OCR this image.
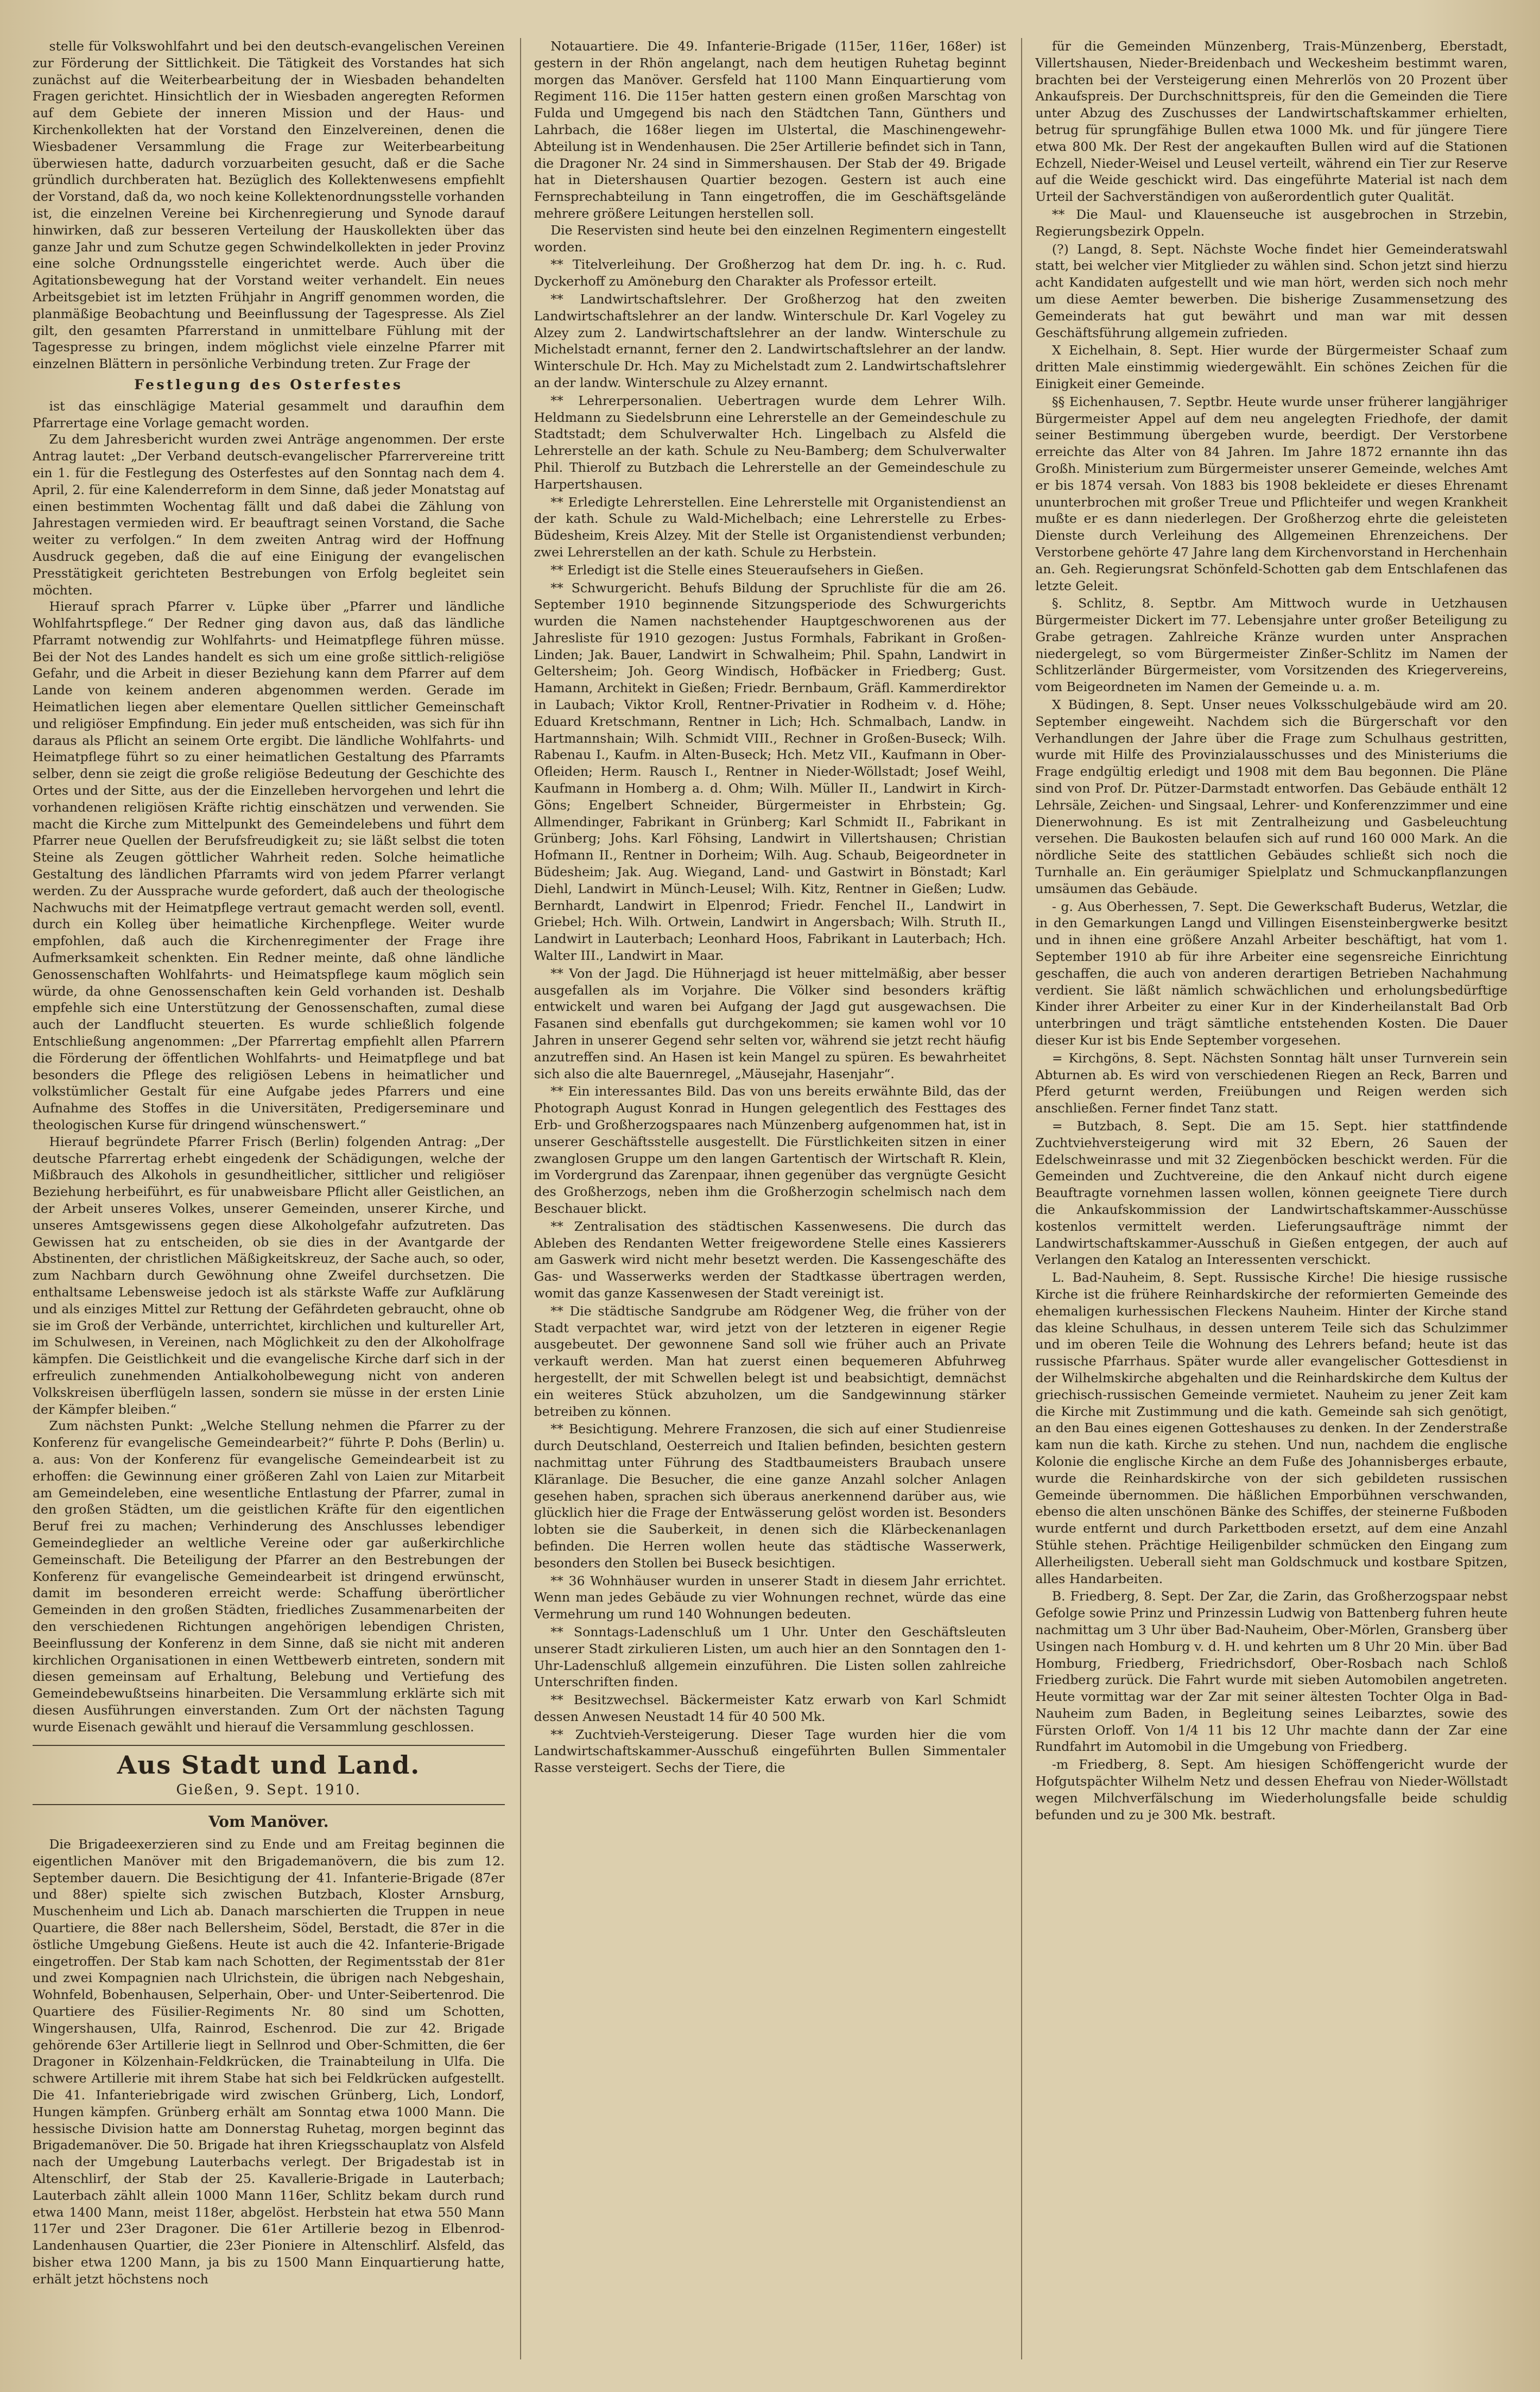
stelle für Volkswohlfahrt und bei den deutsch-evangelischen Vereinen zur Förderung der Sittlichkeit. Die Tätigkeit des Vorstandes hat sich zunächst auf die Weiterbearbeitung der in Wiesbaden behandelten Fragen gerichtet. Hinsichtlich der in Wiesbaden angeregten Reformen auf dem Gebiete der inneren Mission und der Haus- und Kirchenkollekten hat der Vorstand den Einzelvereinen, denen die Wiesbadener Versammlung die Frage zur Weiterbearbeitung überwiesen hatte, dadurch vorzuarbeiten gesucht, daß er die Sache gründlich durchberaten hat. Bezüglich des Kollektenwesens empfiehlt der Vorstand, daß da, wo noch keine Kollektenordnungsstelle vorhanden ist, die einzelnen Vereine bei Kirchenregierung und Synode darauf hinwirken, daß zur besseren Verteilung der Hauskollekten über das ganze Jahr und zum Schutze gegen Schwindelkollekten in jeder Provinz eine solche Ordnungsstelle eingerichtet werde. Auch über die Agitationsbewegung hat der Vorstand weiter verhandelt. Ein neues Arbeitsgebiet ist im letzten Frühjahr in Angriff genommen worden, die planmäßige Beobachtung und Beeinflussung der Tagespresse. Als Ziel gilt, den gesamten Pfarrerstand in unmittelbare Fühlung mit der Tagespresse zu bringen, indem möglichst viele einzelne Pfarrer mit einzelnen Blättern in persönliche Verbindung treten. Zur Frage der

Festlegung des Osterfestes

ist das einschlägige Material gesammelt und daraufhin dem Pfarrertage eine Vorlage gemacht worden.

Zu dem Jahresbericht wurden zwei Anträge angenommen. Der erste Antrag lautet: „Der Verband deutsch-evangelischer Pfarrervereine tritt ein 1. für die Festlegung des Osterfestes auf den Sonntag nach dem 4. April, 2. für eine Kalenderreform in dem Sinne, daß jeder Monatstag auf einen bestimmten Wochentag fällt und daß dabei die Zählung von Jahrestagen vermieden wird. Er beauftragt seinen Vorstand, die Sache weiter zu verfolgen.“ In dem zweiten Antrag wird der Hoffnung Ausdruck gegeben, daß die auf eine Einigung der evangelischen Presstätigkeit gerichteten Bestrebungen von Erfolg begleitet sein möchten.

Hierauf sprach Pfarrer v. Lüpke über „Pfarrer und ländliche Wohlfahrtspflege.“ Der Redner ging davon aus, daß das ländliche Pfarramt notwendig zur Wohlfahrts- und Heimatpflege führen müsse. Bei der Not des Landes handelt es sich um eine große sittlich-religiöse Gefahr, und die Arbeit in dieser Beziehung kann dem Pfarrer auf dem Lande von keinem anderen abgenommen werden. Gerade im Heimatlichen liegen aber elementare Quellen sittlicher Gemeinschaft und religiöser Empfindung. Ein jeder muß entscheiden, was sich für ihn daraus als Pflicht an seinem Orte ergibt. Die ländliche Wohlfahrts- und Heimatpflege führt so zu einer heimatlichen Gestaltung des Pfarramts selber, denn sie zeigt die große religiöse Bedeutung der Geschichte des Ortes und der Sitte, aus der die Einzelleben hervorgehen und lehrt die vorhandenen religiösen Kräfte richtig einschätzen und verwenden. Sie macht die Kirche zum Mittelpunkt des Gemeindelebens und führt dem Pfarrer neue Quellen der Berufsfreudigkeit zu; sie läßt selbst die toten Steine als Zeugen göttlicher Wahrheit reden. Solche heimatliche Gestaltung des ländlichen Pfarramts wird von jedem Pfarrer verlangt werden. Zu der Aussprache wurde gefordert, daß auch der theologische Nachwuchs mit der Heimatpflege vertraut gemacht werden soll, eventl. durch ein Kolleg über heimatliche Kirchenpflege. Weiter wurde empfohlen, daß auch die Kirchenregimenter der Frage ihre Aufmerksamkeit schenkten. Ein Redner meinte, daß ohne ländliche Genossenschaften Wohlfahrts- und Heimatspflege kaum möglich sein würde, da ohne Genossenschaften kein Geld vorhanden ist. Deshalb empfehle sich eine Unterstützung der Genossenschaften, zumal diese auch der Landflucht steuerten. Es wurde schließlich folgende Entschließung angenommen: „Der Pfarrertag empfiehlt allen Pfarrern die Förderung der öffentlichen Wohlfahrts- und Heimatpflege und bat besonders die Pflege des religiösen Lebens in heimatlicher und volkstümlicher Gestalt für eine Aufgabe jedes Pfarrers und eine Aufnahme des Stoffes in die Universitäten, Predigerseminare und theologischen Kurse für dringend wünschenswert.“

Hierauf begründete Pfarrer Frisch (Berlin) folgenden Antrag: „Der deutsche Pfarrertag erhebt eingedenk der Schädigungen, welche der Mißbrauch des Alkohols in gesundheitlicher, sittlicher und religiöser Beziehung herbeiführt, es für unabweisbare Pflicht aller Geistlichen, an der Arbeit unseres Volkes, unserer Gemeinden, unserer Kirche, und unseres Amtsgewissens gegen diese Alkoholgefahr aufzutreten. Das Gewissen hat zu entscheiden, ob sie dies in der Avantgarde der Abstinenten, der christlichen Mäßigkeitskreuz, der Sache auch, so oder, zum Nachbarn durch Gewöhnung ohne Zweifel durchsetzen. Die enthaltsame Lebensweise jedoch ist als stärkste Waffe zur Aufklärung und als einziges Mittel zur Rettung der Gefährdeten gebraucht, ohne ob sie im Groß der Verbände, unterrichtet, kirchlichen und kultureller Art, im Schulwesen, in Vereinen, nach Möglichkeit zu den der Alkoholfrage kämpfen. Die Geistlichkeit und die evangelische Kirche darf sich in der erfreulich zunehmenden Antialkoholbewegung nicht von anderen Volkskreisen überflügeln lassen, sondern sie müsse in der ersten Linie der Kämpfer bleiben.“

Zum nächsten Punkt: „Welche Stellung nehmen die Pfarrer zu der Konferenz für evangelische Gemeindearbeit?“ führte P. Dohs (Berlin) u. a. aus: Von der Konferenz für evangelische Gemeindearbeit ist zu erhoffen: die Gewinnung einer größeren Zahl von Laien zur Mitarbeit am Gemeindeleben, eine wesentliche Entlastung der Pfarrer, zumal in den großen Städten, um die geistlichen Kräfte für den eigentlichen Beruf frei zu machen; Verhinderung des Anschlusses lebendiger Gemeindeglieder an weltliche Vereine oder gar außerkirchliche Gemeinschaft. Die Beteiligung der Pfarrer an den Bestrebungen der Konferenz für evangelische Gemeindearbeit ist dringend erwünscht, damit im besonderen erreicht werde: Schaffung überörtlicher Gemeinden in den großen Städten, friedliches Zusammenarbeiten der den verschiedenen Richtungen angehörigen lebendigen Christen, Beeinflussung der Konferenz in dem Sinne, daß sie nicht mit anderen kirchlichen Organisationen in einen Wettbewerb eintreten, sondern mit diesen gemeinsam auf Erhaltung, Belebung und Vertiefung des Gemeindebewußtseins hinarbeiten. Die Versammlung erklärte sich mit diesen Ausführungen einverstanden. Zum Ort der nächsten Tagung wurde Eisenach gewählt und hierauf die Versammlung geschlossen.

Aus Stadt und Land.

Gießen, 9. Sept. 1910.

Vom Manöver.

Die Brigadeexerzieren sind zu Ende und am Freitag beginnen die eigentlichen Manöver mit den Brigademanövern, die bis zum 12. September dauern. Die Besichtigung der 41. Infanterie-Brigade (87er und 88er) spielte sich zwischen Butzbach, Kloster Arnsburg, Muschenheim und Lich ab. Danach marschierten die Truppen in neue Quartiere, die 88er nach Bellersheim, Södel, Berstadt, die 87er in die östliche Umgebung Gießens. Heute ist auch die 42. Infanterie-Brigade eingetroffen. Der Stab kam nach Schotten, der Regimentsstab der 81er und zwei Kompagnien nach Ulrichstein, die übrigen nach Nebgeshain, Wohnfeld, Bobenhausen, Selperhain, Ober- und Unter-Seibertenrod. Die Quartiere des Füsilier-Regiments Nr. 80 sind um Schotten, Wingershausen, Ulfa, Rainrod, Eschenrod. Die zur 42. Brigade gehörende 63er Artillerie liegt in Sellnrod und Ober-Schmitten, die 6er Dragoner in Kölzenhain-Feldkrücken, die Trainabteilung in Ulfa. Die schwere Artillerie mit ihrem Stabe hat sich bei Feldkrücken aufgestellt. Die 41. Infanteriebrigade wird zwischen Grünberg, Lich, Londorf, Hungen kämpfen. Grünberg erhält am Sonntag etwa 1000 Mann. Die hessische Division hatte am Donnerstag Ruhetag, morgen beginnt das Brigademanöver. Die 50. Brigade hat ihren Kriegsschauplatz von Alsfeld nach der Umgebung Lauterbachs verlegt. Der Brigadestab ist in Altenschlirf, der Stab der 25. Kavallerie-Brigade in Lauterbach; Lauterbach zählt allein 1000 Mann 116er, Schlitz bekam durch rund etwa 1400 Mann, meist 118er, abgelöst. Herbstein hat etwa 550 Mann 117er und 23er Dragoner. Die 61er Artillerie bezog in Elbenrod-Landenhausen Quartier, die 23er Pioniere in Altenschlirf. Alsfeld, das bisher etwa 1200 Mann, ja bis zu 1500 Mann Einquartierung hatte, erhält jetzt höchstens noch

Notauartiere. Die 49. Infanterie-Brigade (115er, 116er, 168er) ist gestern in der Rhön angelangt, nach dem heutigen Ruhetag beginnt morgen das Manöver. Gersfeld hat 1100 Mann Einquartierung vom Regiment 116. Die 115er hatten gestern einen großen Marschtag von Fulda und Umgegend bis nach den Städtchen Tann, Günthers und Lahrbach, die 168er liegen im Ulstertal, die Maschinengewehr-Abteilung ist in Wendenhausen. Die 25er Artillerie befindet sich in Tann, die Dragoner Nr. 24 sind in Simmershausen. Der Stab der 49. Brigade hat in Dietershausen Quartier bezogen. Gestern ist auch eine Fernsprechabteilung in Tann eingetroffen, die im Geschäftsgelände mehrere größere Leitungen herstellen soll.

Die Reservisten sind heute bei den einzelnen Regimentern eingestellt worden.

** Titelverleihung. Der Großherzog hat dem Dr. ing. h. c. Rud. Dyckerhoff zu Amöneburg den Charakter als Professor erteilt.

** Landwirtschaftslehrer. Der Großherzog hat den zweiten Landwirtschaftslehrer an der landw. Winterschule Dr. Karl Vogeley zu Alzey zum 2. Landwirtschaftslehrer an der landw. Winterschule zu Michelstadt ernannt, ferner den 2. Landwirtschaftslehrer an der landw. Winterschule Dr. Hch. May zu Michelstadt zum 2. Landwirtschaftslehrer an der landw. Winterschule zu Alzey ernannt.

** Lehrerpersonalien. Uebertragen wurde dem Lehrer Wilh. Heldmann zu Siedelsbrunn eine Lehrerstelle an der Gemeindeschule zu Stadtstadt; dem Schulverwalter Hch. Lingelbach zu Alsfeld die Lehrerstelle an der kath. Schule zu Neu-Bamberg; dem Schulverwalter Phil. Thierolf zu Butzbach die Lehrerstelle an der Gemeindeschule zu Harpertshausen.

** Erledigte Lehrerstellen. Eine Lehrerstelle mit Organistendienst an der kath. Schule zu Wald-Michelbach; eine Lehrerstelle zu Erbes-Büdesheim, Kreis Alzey. Mit der Stelle ist Organistendienst verbunden; zwei Lehrerstellen an der kath. Schule zu Herbstein.

** Erledigt ist die Stelle eines Steueraufsehers in Gießen.

** Schwurgericht. Behufs Bildung der Spruchliste für die am 26. September 1910 beginnende Sitzungsperiode des Schwurgerichts wurden die Namen nachstehender Hauptgeschworenen aus der Jahresliste für 1910 gezogen: Justus Formhals, Fabrikant in Großen-Linden; Jak. Bauer, Landwirt in Schwalheim; Phil. Spahn, Landwirt in Geltersheim; Joh. Georg Windisch, Hofbäcker in Friedberg; Gust. Hamann, Architekt in Gießen; Friedr. Bernbaum, Gräfl. Kammerdirektor in Laubach; Viktor Kroll, Rentner-Privatier in Rodheim v. d. Höhe; Eduard Kretschmann, Rentner in Lich; Hch. Schmalbach, Landw. in Hartmannshain; Wilh. Schmidt VIII., Rechner in Großen-Buseck; Wilh. Rabenau I., Kaufm. in Alten-Buseck; Hch. Metz VII., Kaufmann in Ober-Ofleiden; Herm. Rausch I., Rentner in Nieder-Wöllstadt; Josef Weihl, Kaufmann in Homberg a. d. Ohm; Wilh. Müller II., Landwirt in Kirch-Göns; Engelbert Schneider, Bürgermeister in Ehrbstein; Gg. Allmendinger, Fabrikant in Grünberg; Karl Schmidt II., Fabrikant in Grünberg; Johs. Karl Föhsing, Landwirt in Villertshausen; Christian Hofmann II., Rentner in Dorheim; Wilh. Aug. Schaub, Beigeordneter in Büdesheim; Jak. Aug. Wiegand, Land- und Gastwirt in Bönstadt; Karl Diehl, Landwirt in Münch-Leusel; Wilh. Kitz, Rentner in Gießen; Ludw. Bernhardt, Landwirt in Elpenrod; Friedr. Fenchel II., Landwirt in Griebel; Hch. Wilh. Ortwein, Landwirt in Angersbach; Wilh. Struth II., Landwirt in Lauterbach; Leonhard Hoos, Fabrikant in Lauterbach; Hch. Walter III., Landwirt in Maar.

** Von der Jagd. Die Hühnerjagd ist heuer mittelmäßig, aber besser ausgefallen als im Vorjahre. Die Völker sind besonders kräftig entwickelt und waren bei Aufgang der Jagd gut ausgewachsen. Die Fasanen sind ebenfalls gut durchgekommen; sie kamen wohl vor 10 Jahren in unserer Gegend sehr selten vor, während sie jetzt recht häufig anzutreffen sind. An Hasen ist kein Mangel zu spüren. Es bewahrheitet sich also die alte Bauernregel, „Mäusejahr, Hasenjahr“.

** Ein interessantes Bild. Das von uns bereits erwähnte Bild, das der Photograph August Konrad in Hungen gelegentlich des Festtages des Erb- und Großherzogspaares nach Münzenberg aufgenommen hat, ist in unserer Geschäftsstelle ausgestellt. Die Fürstlichkeiten sitzen in einer zwanglosen Gruppe um den langen Gartentisch der Wirtschaft R. Klein, im Vordergrund das Zarenpaar, ihnen gegenüber das vergnügte Gesicht des Großherzogs, neben ihm die Großherzogin schelmisch nach dem Beschauer blickt.

** Zentralisation des städtischen Kassenwesens. Die durch das Ableben des Rendanten Wetter freigewordene Stelle eines Kassierers am Gaswerk wird nicht mehr besetzt werden. Die Kassengeschäfte des Gas- und Wasserwerks werden der Stadtkasse übertragen werden, womit das ganze Kassenwesen der Stadt vereinigt ist.

** Die städtische Sandgrube am Rödgener Weg, die früher von der Stadt verpachtet war, wird jetzt von der letzteren in eigener Regie ausgebeutet. Der gewonnene Sand soll wie früher auch an Private verkauft werden. Man hat zuerst einen bequemeren Abfuhrweg hergestellt, der mit Schwellen belegt ist und beabsichtigt, demnächst ein weiteres Stück abzuholzen, um die Sandgewinnung stärker betreiben zu können.

** Besichtigung. Mehrere Franzosen, die sich auf einer Studienreise durch Deutschland, Oesterreich und Italien befinden, besichten gestern nachmittag unter Führung des Stadtbaumeisters Braubach unsere Kläranlage. Die Besucher, die eine ganze Anzahl solcher Anlagen gesehen haben, sprachen sich überaus anerkennend darüber aus, wie glücklich hier die Frage der Entwässerung gelöst worden ist. Besonders lobten sie die Sauberkeit, in denen sich die Klärbeckenanlagen befinden. Die Herren wollen heute das städtische Wasserwerk, besonders den Stollen bei Buseck besichtigen.

** 36 Wohnhäuser wurden in unserer Stadt in diesem Jahr errichtet. Wenn man jedes Gebäude zu vier Wohnungen rechnet, würde das eine Vermehrung um rund 140 Wohnungen bedeuten.

** Sonntags-Ladenschluß um 1 Uhr. Unter den Geschäftsleuten unserer Stadt zirkulieren Listen, um auch hier an den Sonntagen den 1-Uhr-Ladenschluß allgemein einzuführen. Die Listen sollen zahlreiche Unterschriften finden.

** Besitzwechsel. Bäckermeister Katz erwarb von Karl Schmidt dessen Anwesen Neustadt 14 für 40 500 Mk.

** Zuchtvieh-Versteigerung. Dieser Tage wurden hier die vom Landwirtschaftskammer-Ausschuß eingeführten Bullen Simmentaler Rasse versteigert. Sechs der Tiere, die

für die Gemeinden Münzenberg, Trais-Münzenberg, Eberstadt, Villertshausen, Nieder-Breidenbach und Weckesheim bestimmt waren, brachten bei der Versteigerung einen Mehrerlös von 20 Prozent über Ankaufspreis. Der Durchschnittspreis, für den die Gemeinden die Tiere unter Abzug des Zuschusses der Landwirtschaftskammer erhielten, betrug für sprungfähige Bullen etwa 1000 Mk. und für jüngere Tiere etwa 800 Mk. Der Rest der angekauften Bullen wird auf die Stationen Echzell, Nieder-Weisel und Leusel verteilt, während ein Tier zur Reserve auf die Weide geschickt wird. Das eingeführte Material ist nach dem Urteil der Sachverständigen von außerordentlich guter Qualität.

** Die Maul- und Klauenseuche ist ausgebrochen in Strzebin, Regierungsbezirk Oppeln.

(?) Langd, 8. Sept. Nächste Woche findet hier Gemeinderatswahl statt, bei welcher vier Mitglieder zu wählen sind. Schon jetzt sind hierzu acht Kandidaten aufgestellt und wie man hört, werden sich noch mehr um diese Aemter bewerben. Die bisherige Zusammensetzung des Gemeinderats hat gut bewährt und man war mit dessen Geschäftsführung allgemein zufrieden.

X Eichelhain, 8. Sept. Hier wurde der Bürgermeister Schaaf zum dritten Male einstimmig wiedergewählt. Ein schönes Zeichen für die Einigkeit einer Gemeinde.

§§ Eichenhausen, 7. Septbr. Heute wurde unser früherer langjähriger Bürgermeister Appel auf dem neu angelegten Friedhofe, der damit seiner Bestimmung übergeben wurde, beerdigt. Der Verstorbene erreichte das Alter von 84 Jahren. Im Jahre 1872 ernannte ihn das Großh. Ministerium zum Bürgermeister unserer Gemeinde, welches Amt er bis 1874 versah. Von 1883 bis 1908 bekleidete er dieses Ehrenamt ununterbrochen mit großer Treue und Pflichteifer und wegen Krankheit mußte er es dann niederlegen. Der Großherzog ehrte die geleisteten Dienste durch Verleihung des Allgemeinen Ehrenzeichens. Der Verstorbene gehörte 47 Jahre lang dem Kirchenvorstand in Herchenhain an. Geh. Regierungsrat Schönfeld-Schotten gab dem Entschlafenen das letzte Geleit.

§. Schlitz, 8. Septbr. Am Mittwoch wurde in Uetzhausen Bürgermeister Dickert im 77. Lebensjahre unter großer Beteiligung zu Grabe getragen. Zahlreiche Kränze wurden unter Ansprachen niedergelegt, so vom Bürgermeister Zinßer-Schlitz im Namen der Schlitzerländer Bürgermeister, vom Vorsitzenden des Kriegervereins, vom Beigeordneten im Namen der Gemeinde u. a. m.

X Büdingen, 8. Sept. Unser neues Volksschulgebäude wird am 20. September eingeweiht. Nachdem sich die Bürgerschaft vor den Verhandlungen der Jahre über die Frage zum Schulhaus gestritten, wurde mit Hilfe des Provinzialausschusses und des Ministeriums die Frage endgültig erledigt und 1908 mit dem Bau begonnen. Die Pläne sind von Prof. Dr. Pützer-Darmstadt entworfen. Das Gebäude enthält 12 Lehrsäle, Zeichen- und Singsaal, Lehrer- und Konferenzzimmer und eine Dienerwohnung. Es ist mit Zentralheizung und Gasbeleuchtung versehen. Die Baukosten belaufen sich auf rund 160 000 Mark. An die nördliche Seite des stattlichen Gebäudes schließt sich noch die Turnhalle an. Ein geräumiger Spielplatz und Schmuckanpflanzungen umsäumen das Gebäude.

- g. Aus Oberhessen, 7. Sept. Die Gewerkschaft Buderus, Wetzlar, die in den Gemarkungen Langd und Villingen Eisensteinbergwerke besitzt und in ihnen eine größere Anzahl Arbeiter beschäftigt, hat vom 1. September 1910 ab für ihre Arbeiter eine segensreiche Einrichtung geschaffen, die auch von anderen derartigen Betrieben Nachahmung verdient. Sie läßt nämlich schwächlichen und erholungsbedürftige Kinder ihrer Arbeiter zu einer Kur in der Kinderheilanstalt Bad Orb unterbringen und trägt sämtliche entstehenden Kosten. Die Dauer dieser Kur ist bis Ende September vorgesehen.

= Kirchgöns, 8. Sept. Nächsten Sonntag hält unser Turnverein sein Abturnen ab. Es wird von verschiedenen Riegen an Reck, Barren und Pferd geturnt werden, Freiübungen und Reigen werden sich anschließen. Ferner findet Tanz statt.

= Butzbach, 8. Sept. Die am 15. Sept. hier stattfindende Zuchtviehversteigerung wird mit 32 Ebern, 26 Sauen der Edelschweinrasse und mit 32 Ziegenböcken beschickt werden. Für die Gemeinden und Zuchtvereine, die den Ankauf nicht durch eigene Beauftragte vornehmen lassen wollen, können geeignete Tiere durch die Ankaufskommission der Landwirtschaftskammer-Ausschüsse kostenlos vermittelt werden. Lieferungsaufträge nimmt der Landwirtschaftskammer-Ausschuß in Gießen entgegen, der auch auf Verlangen den Katalog an Interessenten verschickt.

L. Bad-Nauheim, 8. Sept. Russische Kirche! Die hiesige russische Kirche ist die frühere Reinhardskirche der reformierten Gemeinde des ehemaligen kurhessischen Fleckens Nauheim. Hinter der Kirche stand das kleine Schulhaus, in dessen unterem Teile sich das Schulzimmer und im oberen Teile die Wohnung des Lehrers befand; heute ist das russische Pfarrhaus. Später wurde aller evangelischer Gottesdienst in der Wilhelmskirche abgehalten und die Reinhardskirche dem Kultus der griechisch-russischen Gemeinde vermietet. Nauheim zu jener Zeit kam die Kirche mit Zustimmung und die kath. Gemeinde sah sich genötigt, an den Bau eines eigenen Gotteshauses zu denken. In der Zenderstraße kam nun die kath. Kirche zu stehen. Und nun, nachdem die englische Kolonie die englische Kirche an dem Fuße des Johannisberges erbaute, wurde die Reinhardskirche von der sich gebildeten russischen Gemeinde übernommen. Die häßlichen Emporbühnen verschwanden, ebenso die alten unschönen Bänke des Schiffes, der steinerne Fußboden wurde entfernt und durch Parkettboden ersetzt, auf dem eine Anzahl Stühle stehen. Prächtige Heiligenbilder schmücken den Eingang zum Allerheiligsten. Ueberall sieht man Goldschmuck und kostbare Spitzen, alles Handarbeiten.

B. Friedberg, 8. Sept. Der Zar, die Zarin, das Großherzogspaar nebst Gefolge sowie Prinz und Prinzessin Ludwig von Battenberg fuhren heute nachmittag um 3 Uhr über Bad-Nauheim, Ober-Mörlen, Gransberg über Usingen nach Homburg v. d. H. und kehrten um 8 Uhr 20 Min. über Bad Homburg, Friedberg, Friedrichsdorf, Ober-Rosbach nach Schloß Friedberg zurück. Die Fahrt wurde mit sieben Automobilen angetreten. Heute vormittag war der Zar mit seiner ältesten Tochter Olga in Bad-Nauheim zum Baden, in Begleitung seines Leibarztes, sowie des Fürsten Orloff. Von 1/4 11 bis 12 Uhr machte dann der Zar eine Rundfahrt im Automobil in die Umgebung von Friedberg.

-m Friedberg, 8. Sept. Am hiesigen Schöffengericht wurde der Hofgutspächter Wilhelm Netz und dessen Ehefrau von Nieder-Wöllstadt wegen Milchverfälschung im Wiederholungsfalle beide schuldig befunden und zu je 300 Mk. bestraft.
